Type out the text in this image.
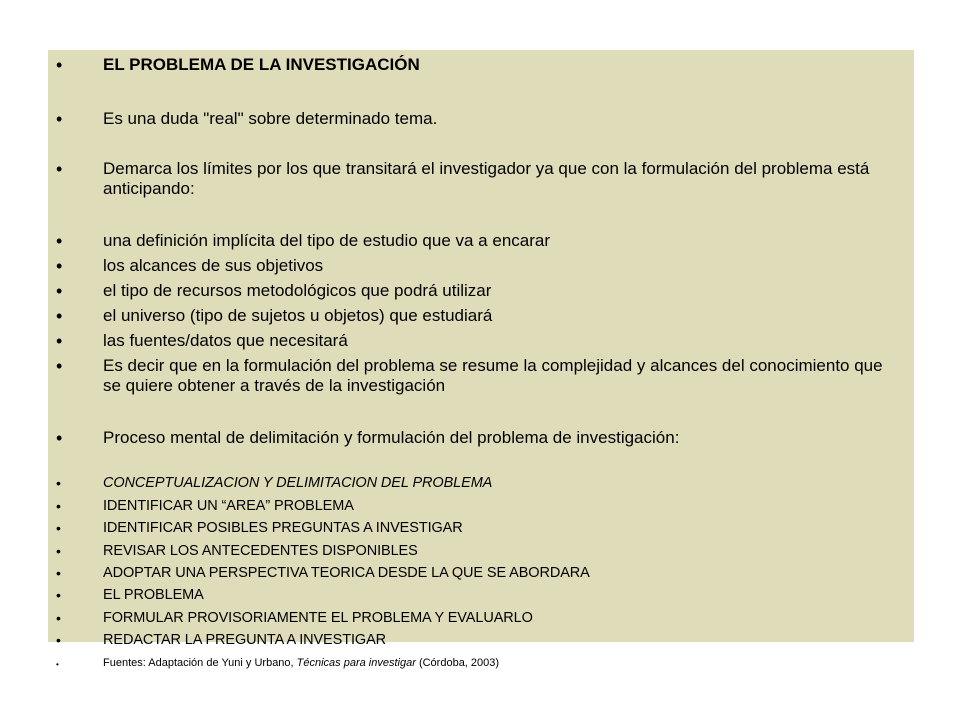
• EL PROBLEMA DE LA INVESTIGACIÓN
• Es una duda "real" sobre determinado tema.
• Demarca los límites por los que transitará el investigador ya que con la formulación del problema está anticipando:
• una definición implícita del tipo de estudio que va a encarar
• los alcances de sus objetivos
• el tipo de recursos metodológicos que podrá utilizar
• el universo (tipo de sujetos u objetos) que estudiará
• las fuentes/datos que necesitará
• Es decir que en la formulación del problema se resume la complejidad y alcances del conocimiento que se quiere obtener a través de la investigación
• Proceso mental de delimitación y formulación del problema de investigación:
•	CONCEPTUALIZACION Y DELIMITACION DEL PROBLEMA
•	IDENTIFICAR UN “AREA” PROBLEMA
•	IDENTIFICAR POSIBLES PREGUNTAS A INVESTIGAR
•	REVISAR LOS ANTECEDENTES DISPONIBLES
•	ADOPTAR UNA PERSPECTIVA TEORICA DESDE LA QUE SE ABORDARA
•	EL PROBLEMA
•	FORMULAR PROVISORIAMENTE EL PROBLEMA Y EVALUARLO
•	REDACTAR LA PREGUNTA A INVESTIGAR
•	Fuentes: Adaptación de Yuni y Urbano, Técnicas para investigar (Córdoba, 2003)
